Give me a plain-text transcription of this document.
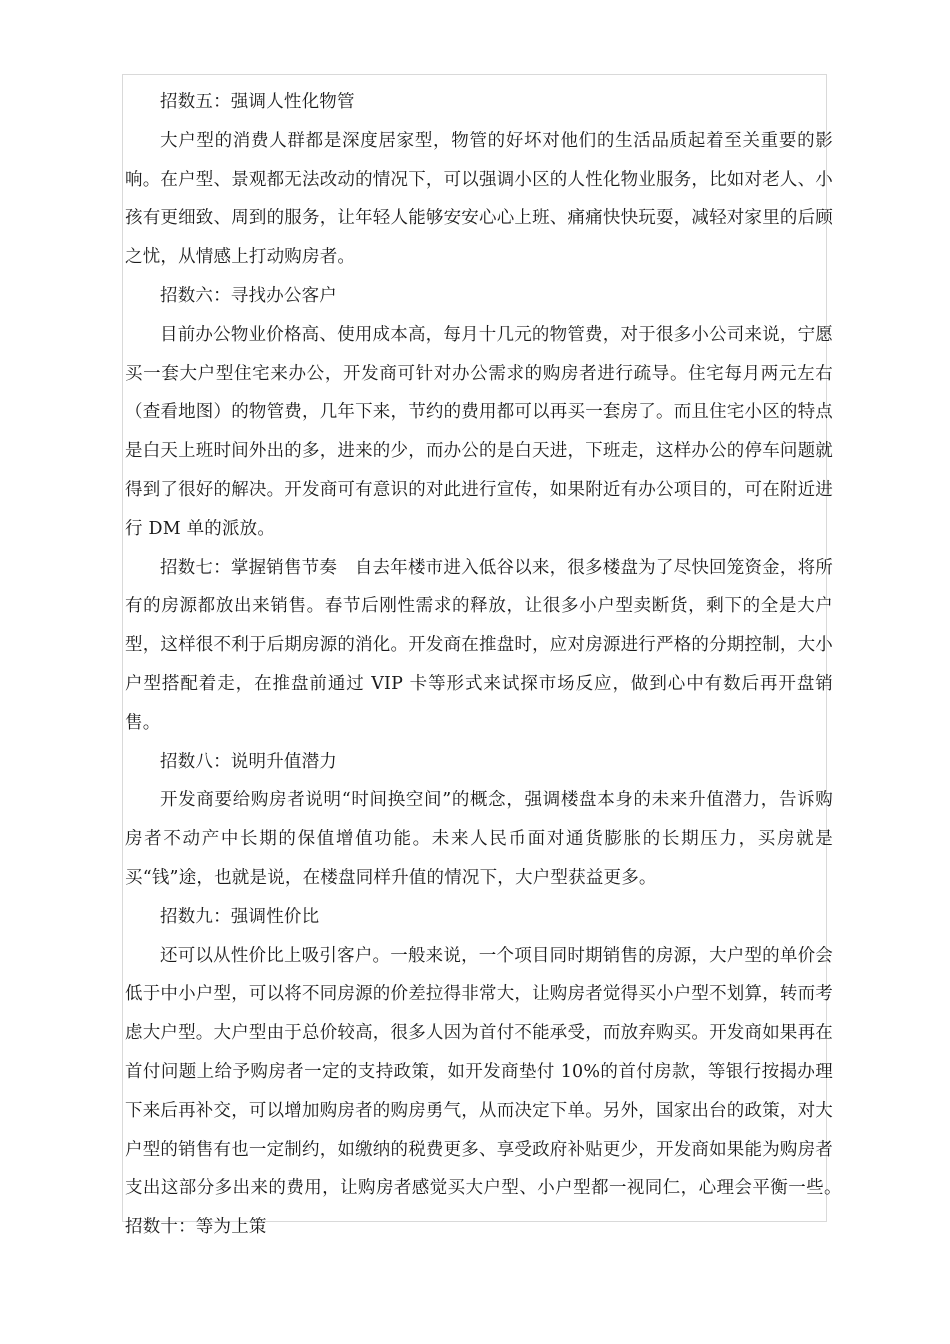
招数五：强调人性化物管

大户型的消费人群都是深度居家型，物管的好坏对他们的生活品质起着至关重要的影响。在户型、景观都无法改动的情况下，可以强调小区的人性化物业服务，比如对老人、小孩有更细致、周到的服务，让年轻人能够安安心心上班、痛痛快快玩耍，减轻对家里的后顾之忧，从情感上打动购房者。

招数六：寻找办公客户

目前办公物业价格高、使用成本高，每月十几元的物管费，对于很多小公司来说，宁愿买一套大户型住宅来办公，开发商可针对办公需求的购房者进行疏导。住宅每月两元左右（查看地图）的物管费，几年下来，节约的费用都可以再买一套房了。而且住宅小区的特点是白天上班时间外出的多，进来的少，而办公的是白天进，下班走，这样办公的停车问题就得到了很好的解决。开发商可有意识的对此进行宣传，如果附近有办公项目的，可在附近进行 DM 单的派放。

招数七：掌握销售节奏　自去年楼市进入低谷以来，很多楼盘为了尽快回笼资金，将所有的房源都放出来销售。春节后刚性需求的释放，让很多小户型卖断货，剩下的全是大户型，这样很不利于后期房源的消化。开发商在推盘时，应对房源进行严格的分期控制，大小户型搭配着走，在推盘前通过 VIP 卡等形式来试探市场反应，做到心中有数后再开盘销售。

招数八：说明升值潜力

开发商要给购房者说明“时间换空间”的概念，强调楼盘本身的未来升值潜力，告诉购房者不动产中长期的保值增值功能。未来人民币面对通货膨胀的长期压力，买房就是买“钱”途，也就是说，在楼盘同样升值的情况下，大户型获益更多。

招数九：强调性价比

还可以从性价比上吸引客户。一般来说，一个项目同时期销售的房源，大户型的单价会低于中小户型，可以将不同房源的价差拉得非常大，让购房者觉得买小户型不划算，转而考虑大户型。大户型由于总价较高，很多人因为首付不能承受，而放弃购买。开发商如果再在首付问题上给予购房者一定的支持政策，如开发商垫付 10%的首付房款，等银行按揭办理下来后再补交，可以增加购房者的购房勇气，从而决定下单。另外，国家出台的政策，对大户型的销售有也一定制约，如缴纳的税费更多、享受政府补贴更少，开发商如果能为购房者支出这部分多出来的费用，让购房者感觉买大户型、小户型都一视同仁，心理会平衡一些。　招数十：等为上策
